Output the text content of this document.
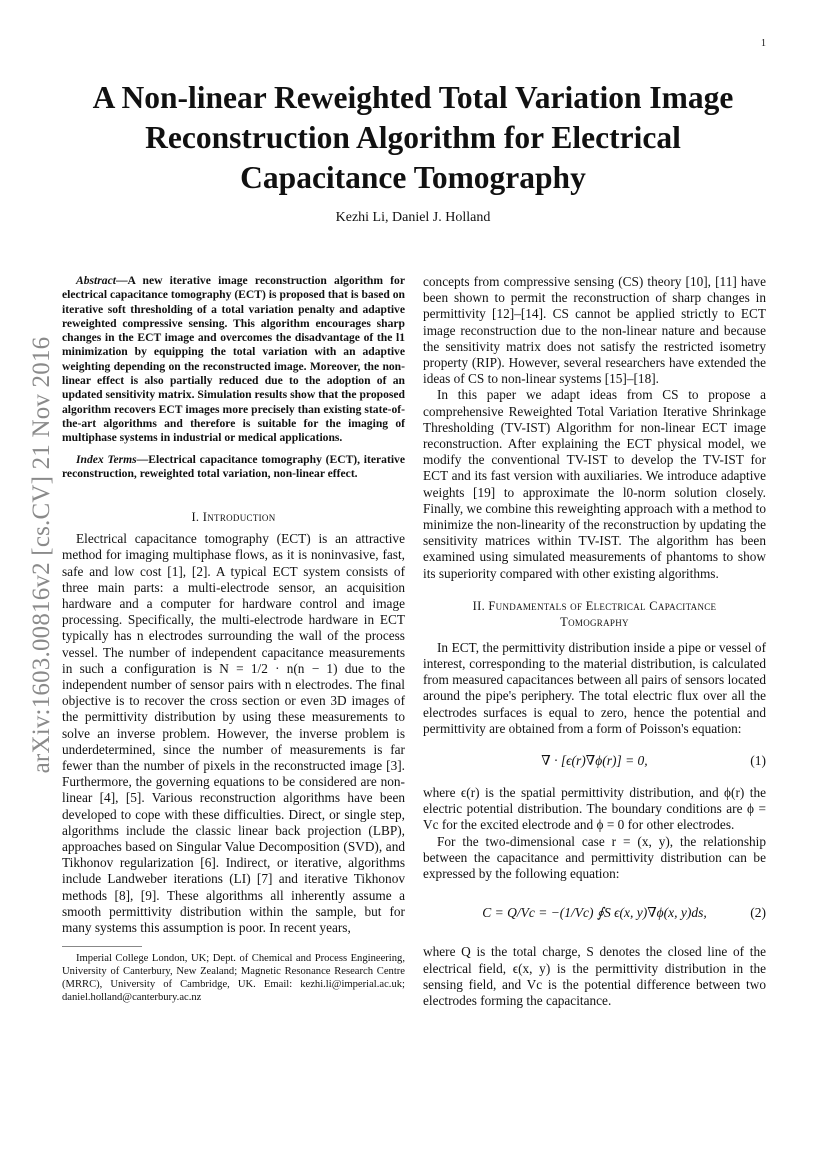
1

arXiv:1603.00816v2 [cs.CV] 21 Nov 2016

A Non-linear Reweighted Total Variation Image

Reconstruction Algorithm for Electrical

Capacitance Tomography

Kezhi Li, Daniel J. Holland

Abstract—A new iterative image reconstruction algorithm for electrical capacitance tomography (ECT) is proposed that is based on iterative soft thresholding of a total variation penalty and adaptive reweighted compressive sensing. This algorithm encourages sharp changes in the ECT image and overcomes the disadvantage of the l1 minimization by equipping the total variation with an adaptive weighting depending on the reconstructed image. Moreover, the non-linear effect is also partially reduced due to the adoption of an updated sensitivity matrix. Simulation results show that the proposed algorithm recovers ECT images more precisely than existing state-of-the-art algorithms and therefore is suitable for the imaging of multiphase systems in industrial or medical applications.

Index Terms—Electrical capacitance tomography (ECT), iterative reconstruction, reweighted total variation, non-linear effect.

I. Introduction

Electrical capacitance tomography (ECT) is an attractive method for imaging multiphase flows, as it is noninvasive, fast, safe and low cost [1], [2]. A typical ECT system consists of three main parts: a multi-electrode sensor, an acquisition hardware and a computer for hardware control and image processing. Specifically, the multi-electrode hardware in ECT typically has n electrodes surrounding the wall of the process vessel. The number of independent capacitance measurements in such a configuration is N = 1/2 · n(n − 1) due to the independent number of sensor pairs with n electrodes. The final objective is to recover the cross section or even 3D images of the permittivity distribution by using these measurements to solve an inverse problem. However, the inverse problem is underdetermined, since the number of measurements is far fewer than the number of pixels in the reconstructed image [3]. Furthermore, the governing equations to be considered are non-linear [4], [5]. Various reconstruction algorithms have been developed to cope with these difficulties. Direct, or single step, algorithms include the classic linear back projection (LBP), approaches based on Singular Value Decomposition (SVD), and Tikhonov regularization [6]. Indirect, or iterative, algorithms include Landweber iterations (LI) [7] and iterative Tikhonov methods [8], [9]. These algorithms all inherently assume a smooth permittivity distribution within the sample, but for many systems this assumption is poor. In recent years,

Imperial College London, UK; Dept. of Chemical and Process Engineering, University of Canterbury, New Zealand; Magnetic Resonance Research Centre (MRRC), University of Cambridge, UK. Email: kezhi.li@imperial.ac.uk; daniel.holland@canterbury.ac.nz

concepts from compressive sensing (CS) theory [10], [11] have been shown to permit the reconstruction of sharp changes in permittivity [12]–[14]. CS cannot be applied strictly to ECT image reconstruction due to the non-linear nature and because the sensitivity matrix does not satisfy the restricted isometry property (RIP). However, several researchers have extended the ideas of CS to non-linear systems [15]–[18].

In this paper we adapt ideas from CS to propose a comprehensive Reweighted Total Variation Iterative Shrinkage Thresholding (TV-IST) Algorithm for non-linear ECT image reconstruction. After explaining the ECT physical model, we modify the conventional TV-IST to develop the TV-IST for ECT and its fast version with auxiliaries. We introduce adaptive weights [19] to approximate the l0-norm solution closely. Finally, we combine this reweighting approach with a method to minimize the non-linearity of the reconstruction by updating the sensitivity matrices within TV-IST. The algorithm has been examined using simulated measurements of phantoms to show its superiority compared with other existing algorithms.

II. Fundamentals of Electrical Capacitance
Tomography

In ECT, the permittivity distribution inside a pipe or vessel of interest, corresponding to the material distribution, is calculated from measured capacitances between all pairs of sensors located around the pipe's periphery. The total electric flux over all the electrodes surfaces is equal to zero, hence the potential and permittivity are obtained from a form of Poisson's equation:

∇ · [ϵ(r)∇ϕ(r)] = 0,	(1)

where ϵ(r) is the spatial permittivity distribution, and ϕ(r) the electric potential distribution. The boundary conditions are ϕ = Vc for the excited electrode and ϕ = 0 for other electrodes.

For the two-dimensional case r = (x, y), the relationship between the capacitance and permittivity distribution can be expressed by the following equation:

C = Q/Vc = −(1/Vc) ∮S ϵ(x, y)∇ϕ(x, y)ds,	(2)

where Q is the total charge, S denotes the closed line of the electrical field, ϵ(x, y) is the permittivity distribution in the sensing field, and Vc is the potential difference between two electrodes forming the capacitance.
